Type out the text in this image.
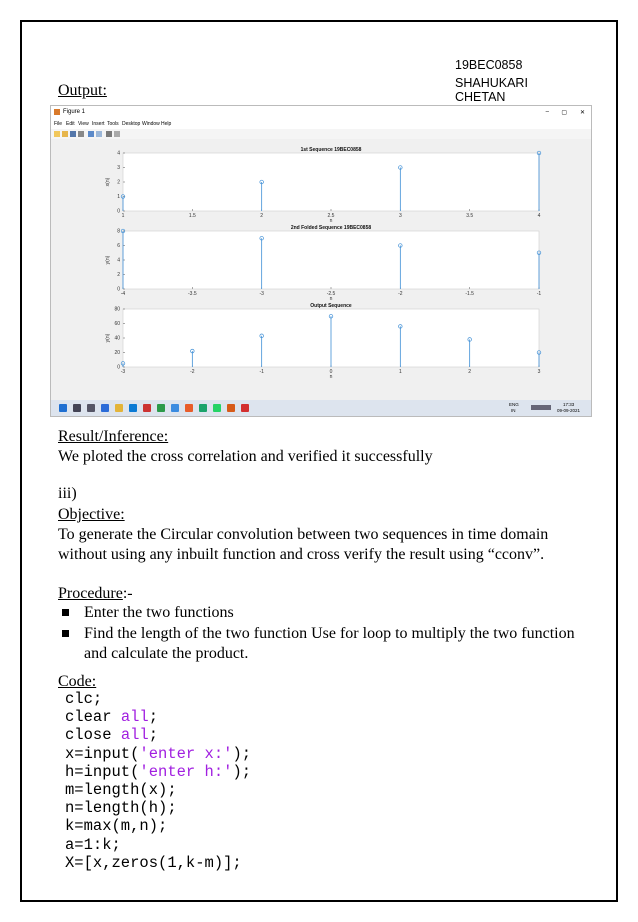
19BEC0858
SHAHUKARI CHETAN
Output:
Figure 1	– ▢ ✕
File Edit View Insert Tools Desktop Window Help
1st Sequence 19BEC0858
1	1.5	2	2.5	3	3.5	4
0
1
2
3
4
n
x(n)
2nd Folded Sequence 19BEC0858
-4	-3.5	-3	-2.5	-2	-1.5	-1
0
2
4
6
8
n
y(n)
Output Sequence
-3	-2	-1	0	1	2	3
0
20
40
60
80
n
y(n)
ENG
IN
17:33
09-09-2021
Result/Inference:
We ploted the cross correlation and verified it successfully
iii)
Objective:
To generate the Circular convolution between two sequences in time domain
without using any inbuilt function and cross verify the result using “cconv”.
Procedure:-
Enter the two functions
Find the length of the two function Use for loop to multiply the two function
and calculate the product.
Code:
clc;
clear all;
close all;
x=input('enter x:');
h=input('enter h:');
m=length(x);
n=length(h);
k=max(m,n);
a=1:k;
X=[x,zeros(1,k-m)];
